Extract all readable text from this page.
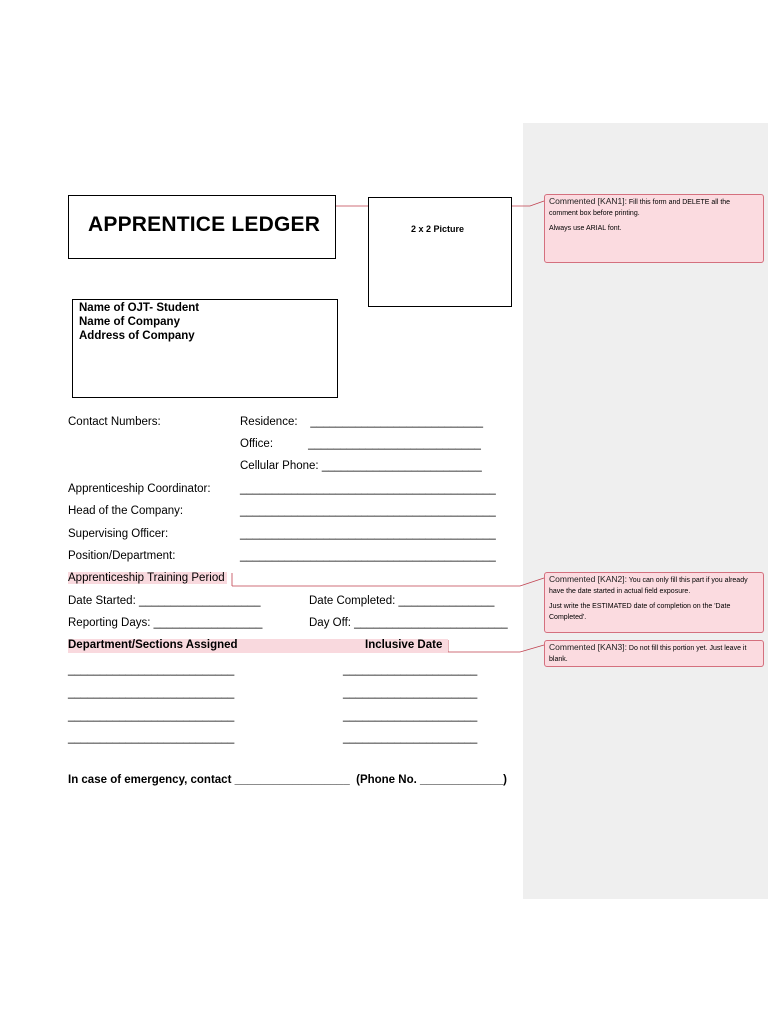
APPRENTICE LEDGER	2 x 2 Picture
Name of OJT- Student
Name of Company
Address of Company
Contact Numbers:	Residence:    ___________________________
Office:           ___________________________
Cellular Phone: _________________________
Apprenticeship Coordinator:	________________________________________
Head of the Company:	________________________________________
Supervising Officer:	________________________________________
Position/Department:	________________________________________
Apprenticeship Training Period
Date Started: ___________________	Date Completed: _______________
Reporting Days: _________________	Day Off: ________________________
Department/Sections Assigned	Inclusive Date
__________________________	_____________________
__________________________	_____________________
__________________________	_____________________
__________________________	_____________________
In case of emergency, contact __________________  (Phone No. _____________)

Commented [KAN1]: Fill this form and DELETE all the comment box before printing.

Always use ARIAL font.

Commented [KAN2]: You can only fill this part if you already have the date started in actual field exposure.

Just write the ESTIMATED date of completion on the 'Date Completed'.

Commented [KAN3]: Do not fill this portion yet. Just leave it blank.
